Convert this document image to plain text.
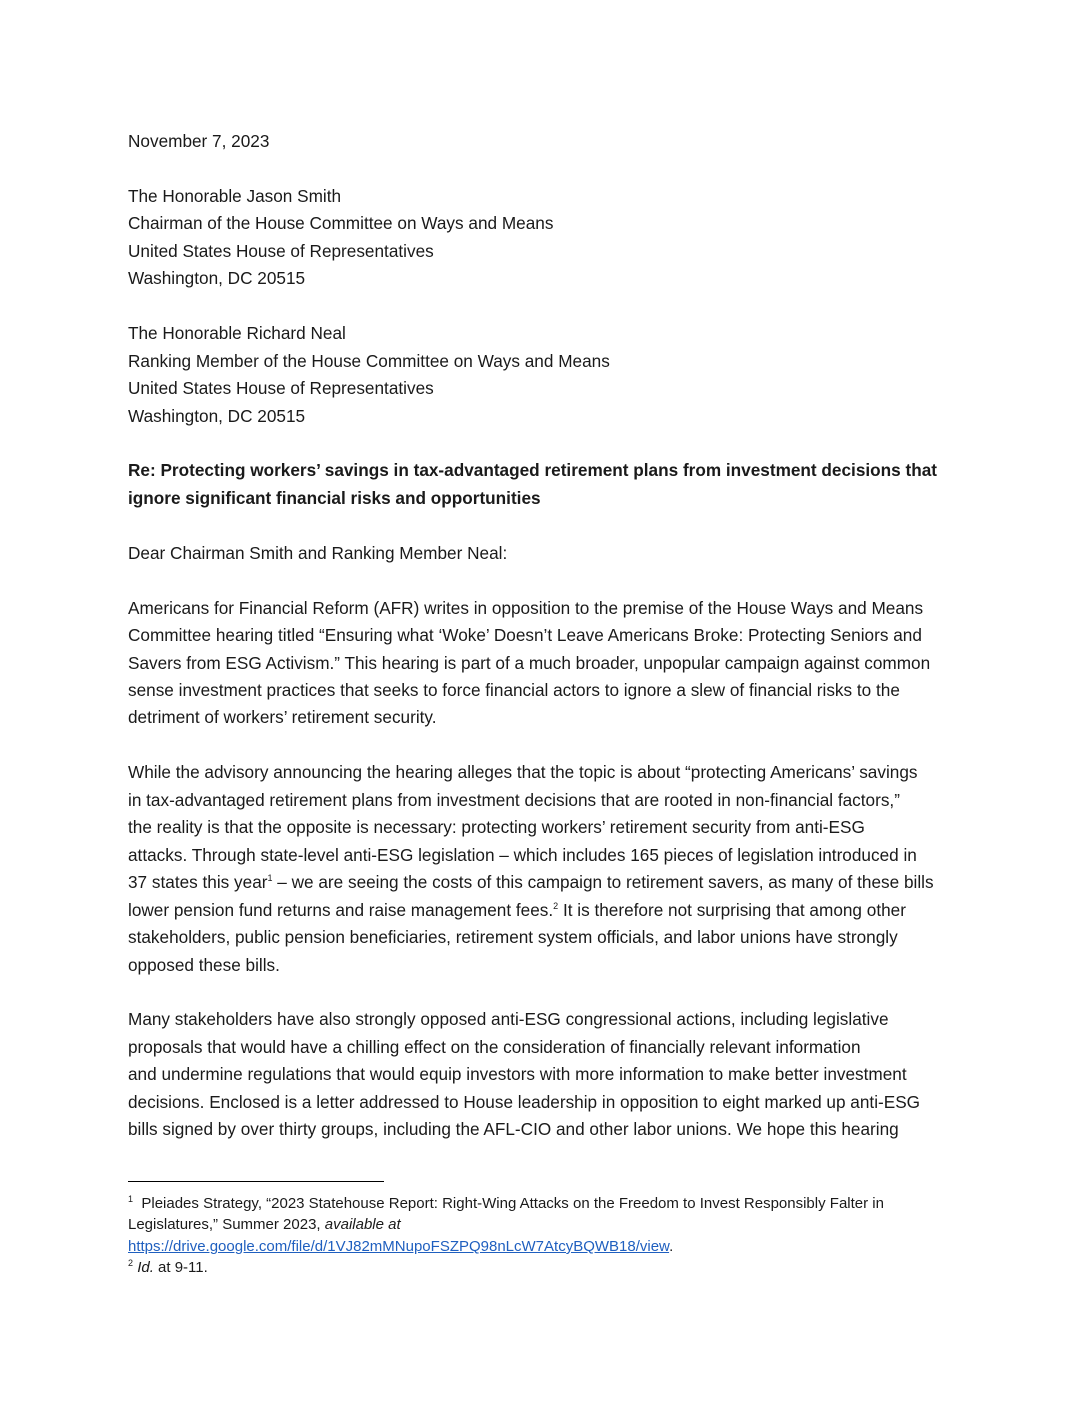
November 7, 2023
The Honorable Jason Smith
Chairman of the House Committee on Ways and Means
United States House of Representatives
Washington, DC 20515
The Honorable Richard Neal
Ranking Member of the House Committee on Ways and Means
United States House of Representatives
Washington, DC 20515
Re: Protecting workers’ savings in tax-advantaged retirement plans from investment decisions that
ignore significant financial risks and opportunities
Dear Chairman Smith and Ranking Member Neal:
Americans for Financial Reform (AFR) writes in opposition to the premise of the House Ways and Means
Committee hearing titled “Ensuring what ‘Woke’ Doesn’t Leave Americans Broke: Protecting Seniors and
Savers from ESG Activism.” This hearing is part of a much broader, unpopular campaign against common
sense investment practices that seeks to force financial actors to ignore a slew of financial risks to the
detriment of workers’ retirement security.
While the advisory announcing the hearing alleges that the topic is about “protecting Americans’ savings
in tax-advantaged retirement plans from investment decisions that are rooted in non-financial factors,”
the reality is that the opposite is necessary: protecting workers’ retirement security from anti-ESG
attacks. Through state-level anti-ESG legislation – which includes 165 pieces of legislation introduced in
37 states this year$^1$ – we are seeing the costs of this campaign to retirement savers, as many of these bills
lower pension fund returns and raise management fees.$^2$ It is therefore not surprising that among other
stakeholders, public pension beneficiaries, retirement system officials, and labor unions have strongly
opposed these bills.
Many stakeholders have also strongly opposed anti-ESG congressional actions, including legislative
proposals that would have a chilling effect on the consideration of financially relevant information
and undermine regulations that would equip investors with more information to make better investment
decisions. Enclosed is a letter addressed to House leadership in opposition to eight marked up anti-ESG
bills signed by over thirty groups, including the AFL-CIO and other labor unions. We hope this hearing
$^1$ Pleiades Strategy, “2023 Statehouse Report: Right-Wing Attacks on the Freedom to Invest Responsibly Falter in
Legislatures,” Summer 2023, available at
https://drive.google.com/file/d/1VJ82mMNupoFSZPQ98nLcW7AtcyBQWB18/view.
$^2$ Id. at 9-11.
